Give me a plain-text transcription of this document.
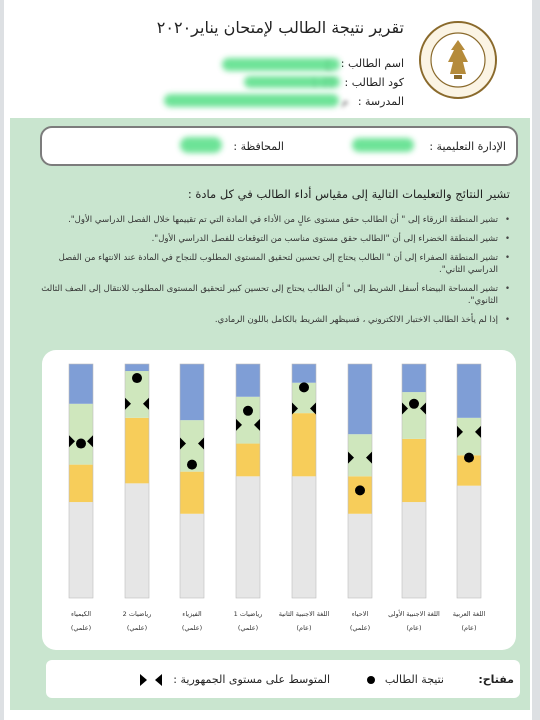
تقرير نتيجة الطالب لإمتحان يناير٢٠٢٠
اسم الطالب :
كود الطالب :
المدرسة : م
الإدارة التعليمية :
المحافظة :
تشير النتائج والتعليمات التالية إلى مقياس أداء الطالب في كل مادة :
• تشير المنطقة الزرقاء إلى " أن الطالب حقق مستوى عالٍ من الأداء في المادة التي تم تقييمها خلال الفصل الدراسي الأول".
• تشير المنطقة الخضراء إلى أن "الطالب حقق مستوى مناسب من التوقعات للفصل الدراسي الأول".
• تشير المنطقة الصفراء إلى أن " الطالب يحتاج إلى تحسين لتحقيق المستوى المطلوب للنجاح في المادة عند الانتهاء من الفصل الدراسي الثاني".
• تشير المساحة البيضاء أسفل الشريط إلى " أن الطالب يحتاج إلى تحسين كبير لتحقيق المستوى المطلوب للانتقال إلى الصف الثالث الثانوي".
• إذا لم يأخذ الطالب الاختبار الالكتروني ، فسيظهر الشريط بالكامل باللون الرمادي.
الكيمياء
(علمي)
رياضيات 2
(علمي)
الفيزياء
(علمي)
رياضيات 1
(علمي)
اللغة الاجنبية الثانية
(عام)
الاحياء
(علمي)
اللغة الاجنبية الأولى
(عام)
اللغة العربية
(عام)
مفتاح:
نتيجة الطالب
المتوسط على مستوى الجمهورية :
